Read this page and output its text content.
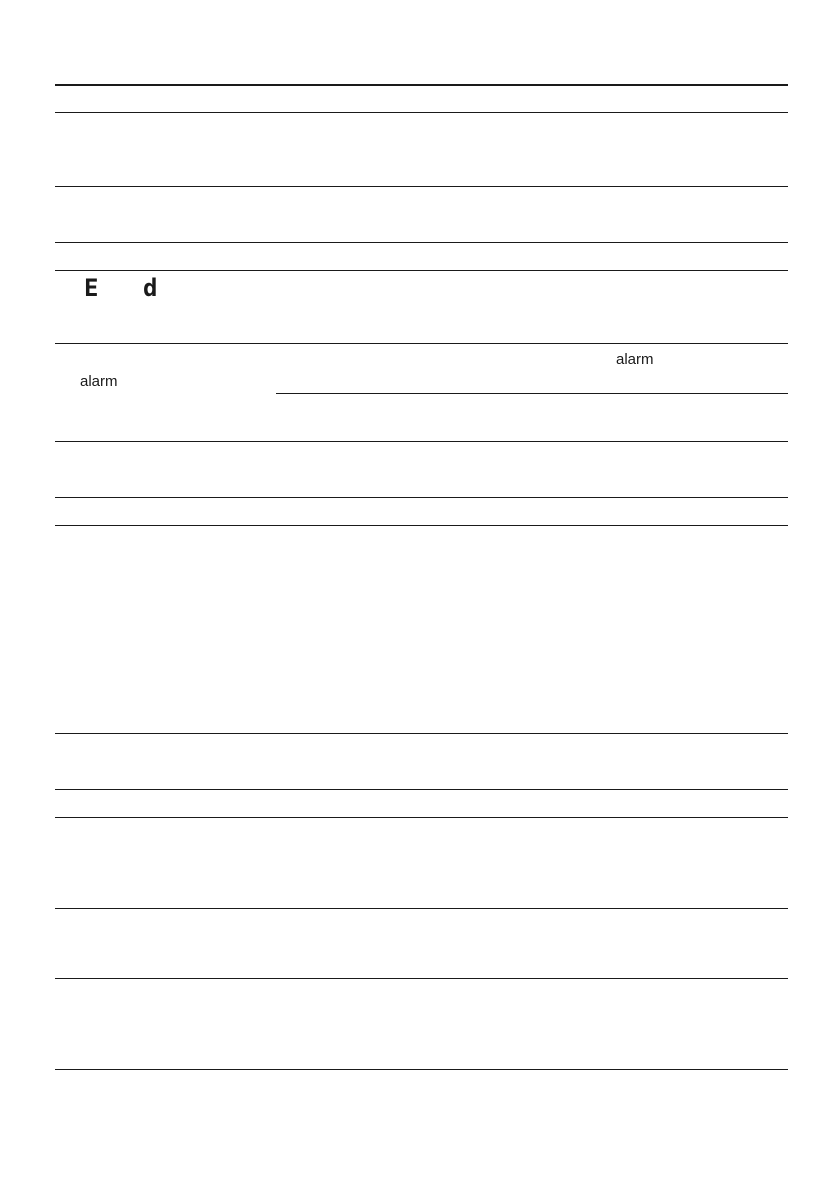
E d
alarm
alarm
